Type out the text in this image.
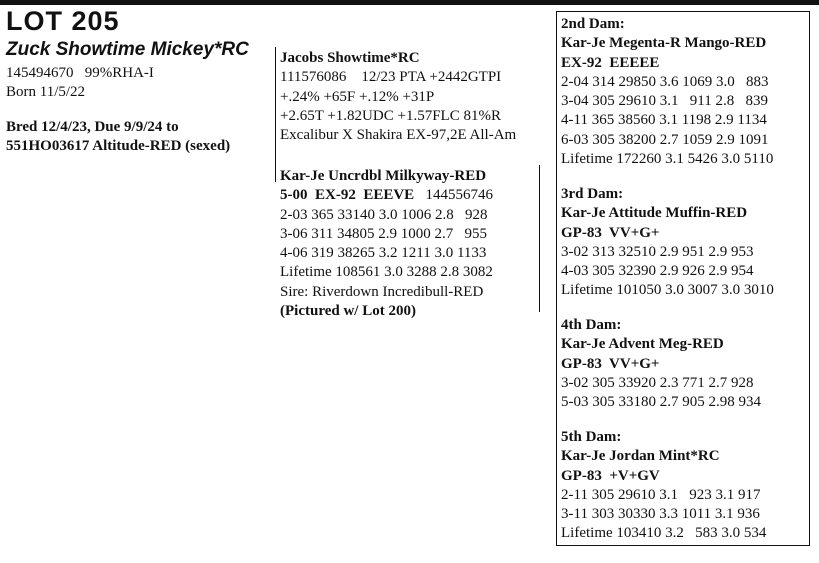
LOT 205
Zuck Showtime Mickey*RC
145494670   99%RHA-I
Born 11/5/22
Bred 12/4/23, Due 9/9/24 to
551HO03617 Altitude-RED (sexed)
Jacobs Showtime*RC
111576086    12/23 PTA +2442GTPI
+.24% +65F +.12% +31P
+2.65T +1.82UDC +1.57FLC 81%R
Excalibur X Shakira EX-97,2E All-Am
Kar-Je Uncrdbl Milkyway-RED
5-00  EX-92  EEEVE 144556746
2-03 365 33140 3.0 1006 2.8   928
3-06 311 34805 2.9 1000 2.7   955
4-06 319 38265 3.2 1211 3.0 1133
Lifetime 108561 3.0 3288 2.8 3082
Sire: Riverdown Incredibull-RED
(Pictured w/ Lot 200)
2nd Dam:
Kar-Je Megenta-R Mango-RED
EX-92  EEEEE
2-04 314 29850 3.6 1069 3.0   883
3-04 305 29610 3.1   911 2.8   839
4-11 365 38560 3.1 1198 2.9 1134
6-03 305 38200 2.7 1059 2.9 1091
Lifetime 172260 3.1 5426 3.0 5110
3rd Dam:
Kar-Je Attitude Muffin-RED
GP-83  VV+G+
3-02 313 32510 2.9 951 2.9 953
4-03 305 32390 2.9 926 2.9 954
Lifetime 101050 3.0 3007 3.0 3010
4th Dam:
Kar-Je Advent Meg-RED
GP-83  VV+G+
3-02 305 33920 2.3 771 2.7 928
5-03 305 33180 2.7 905 2.98 934
5th Dam:
Kar-Je Jordan Mint*RC
GP-83  +V+GV
2-11 305 29610 3.1   923 3.1 917
3-11 303 30330 3.3 1011 3.1 936
Lifetime 103410 3.2   583 3.0 534
